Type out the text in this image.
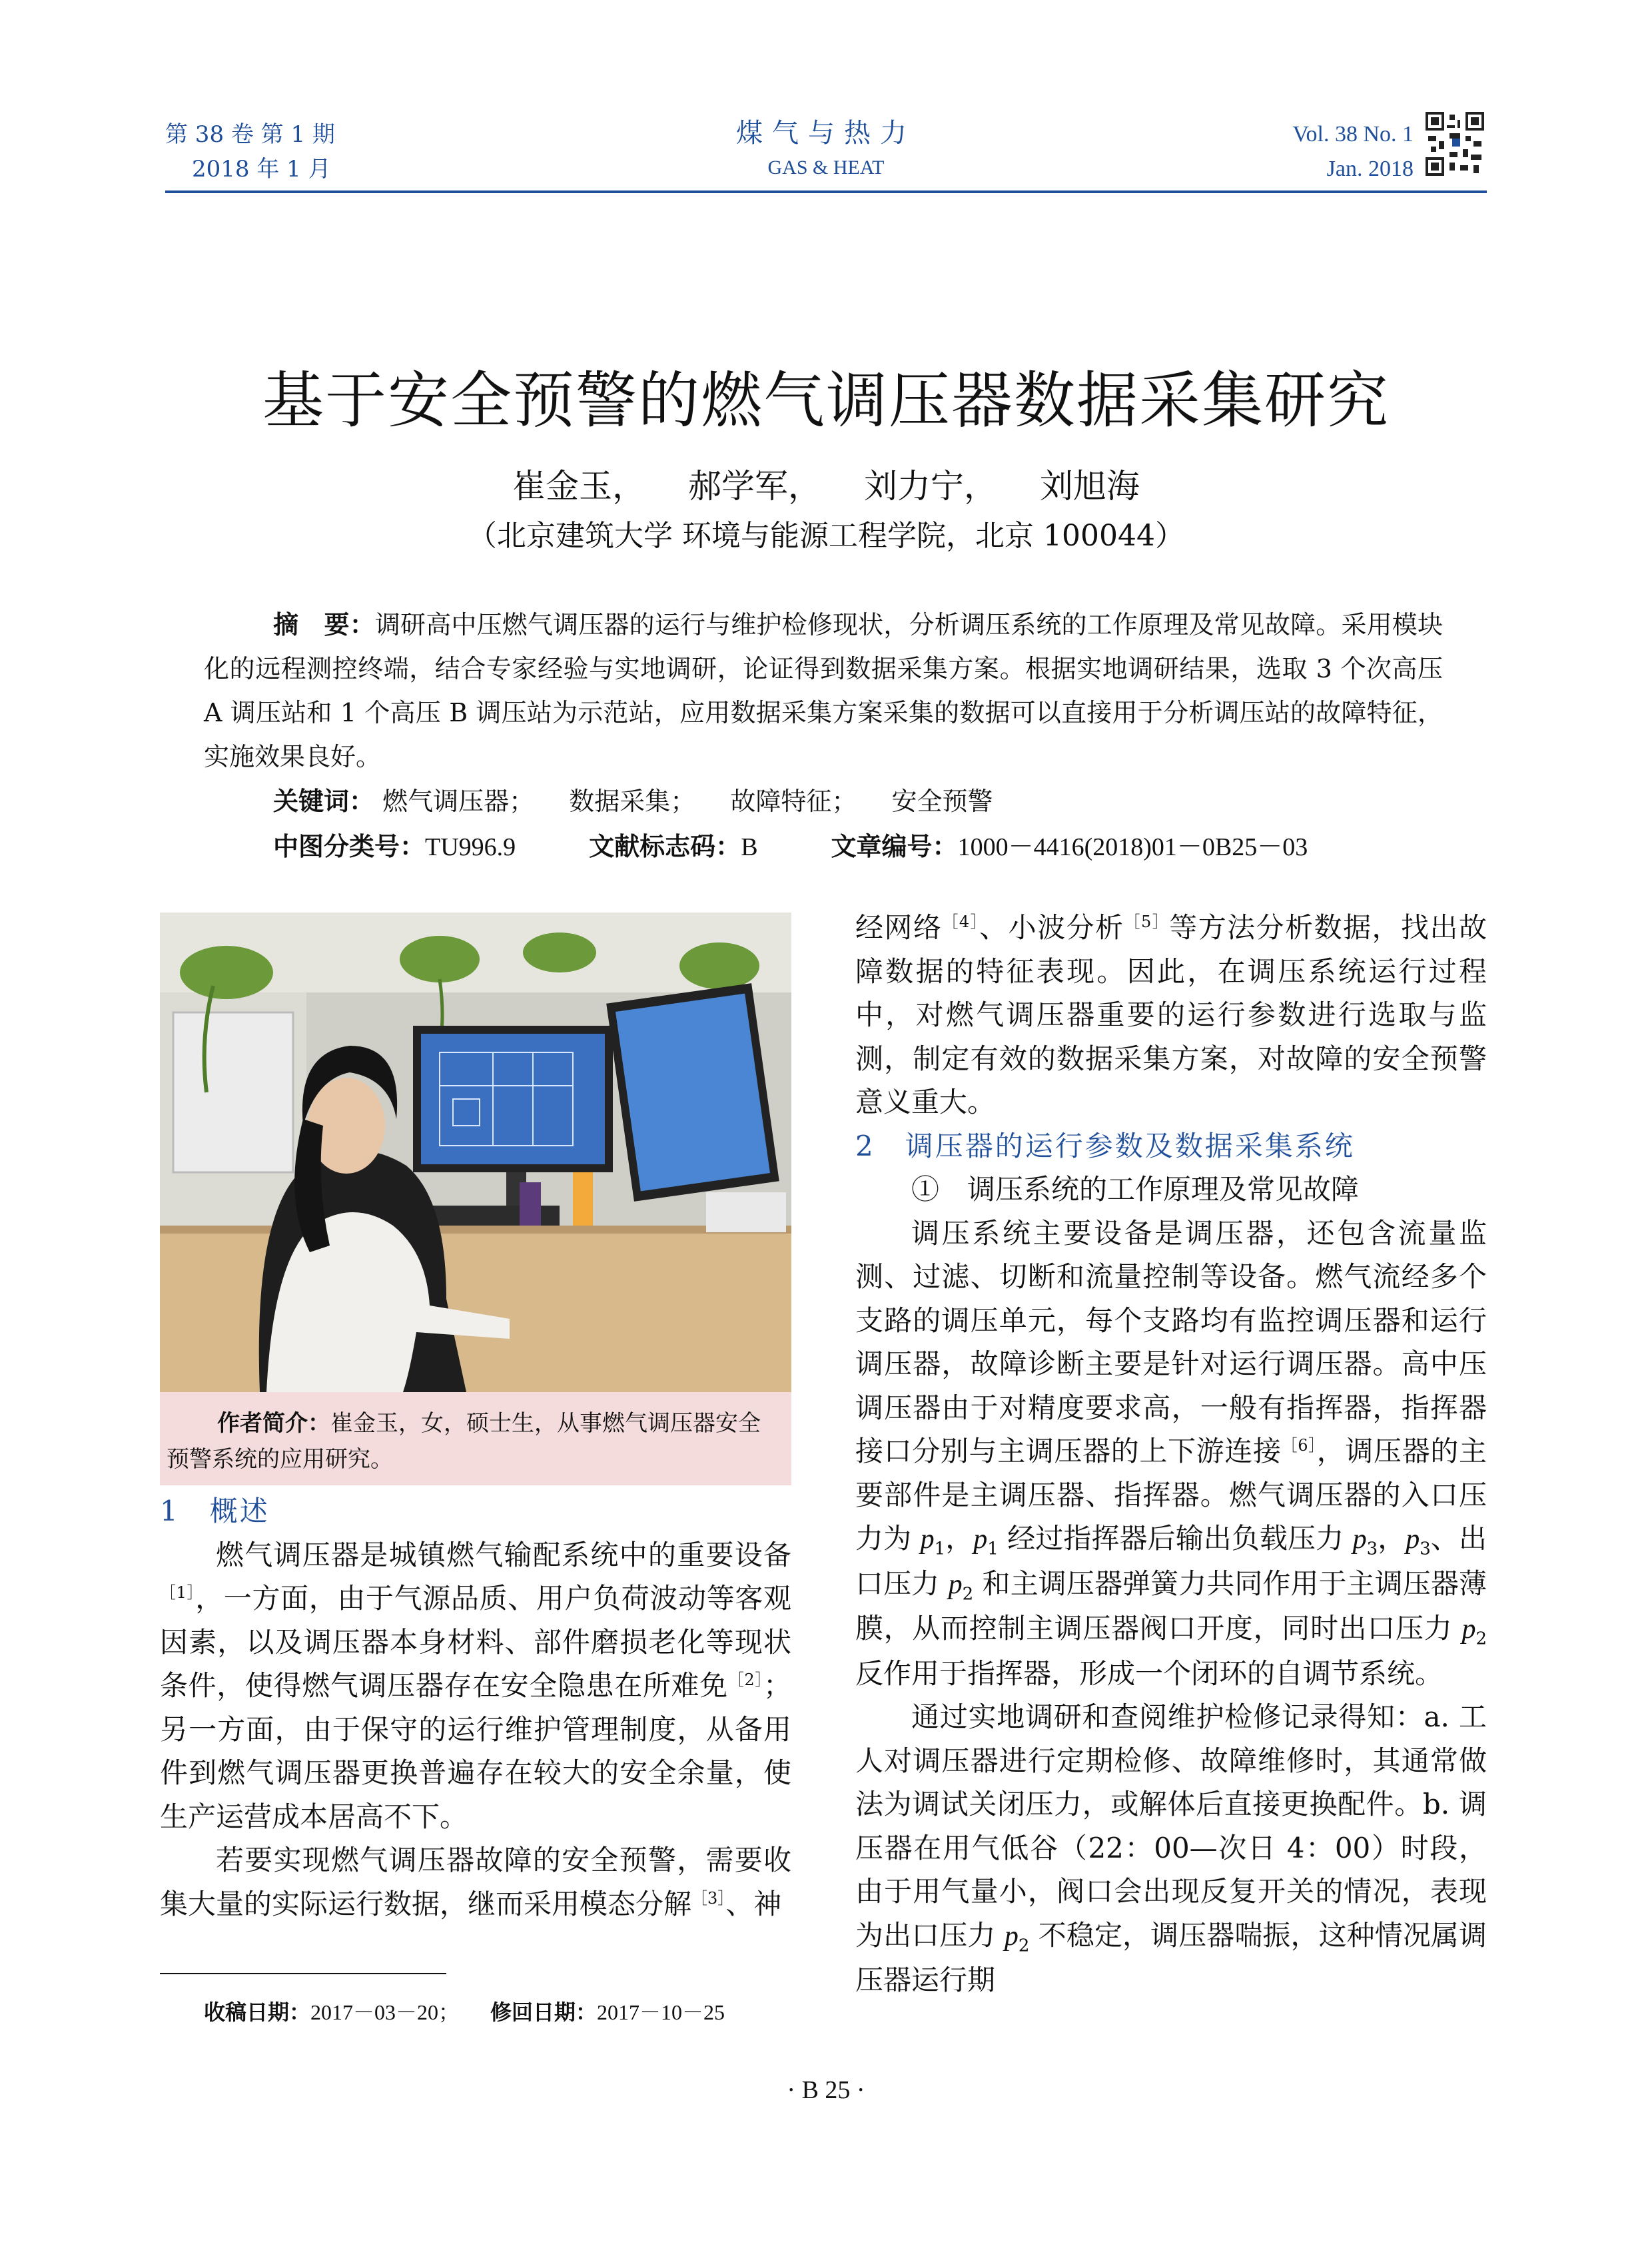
第 38 卷 第 1 期
2018 年 1 月
煤气与热力
GAS & HEAT
Vol. 38 No. 1
Jan. 2018
基于安全预警的燃气调压器数据采集研究
崔金玉， 郝学军， 刘力宁， 刘旭海
（北京建筑大学 环境与能源工程学院，北京 100044）
摘　要：调研高中压燃气调压器的运行与维护检修现状，分析调压系统的工作原理及常见故障。采用模块化的远程测控终端，结合专家经验与实地调研，论证得到数据采集方案。根据实地调研结果，选取 3 个次高压 A 调压站和 1 个高压 B 调压站为示范站，应用数据采集方案采集的数据可以直接用于分析调压站的故障特征，实施效果良好。
关键词： 燃气调压器； 数据采集； 故障特征； 安全预警
中图分类号：TU996.9	文献标志码：B	文章编号：1000－4416(2018)01－0B25－03
作者简介：崔金玉，女，硕士生，从事燃气调压器安全
预警系统的应用研究。
1　概述

燃气调压器是城镇燃气输配系统中的重要设备$^{[1]}$，一方面，由于气源品质、用户负荷波动等客观因素，以及调压器本身材料、部件磨损老化等现状条件，使得燃气调压器存在安全隐患在所难免$^{[2]}$；另一方面，由于保守的运行维护管理制度，从备用件到燃气调压器更换普遍存在较大的安全余量，使生产运营成本居高不下。

若要实现燃气调压器故障的安全预警，需要收集大量的实际运行数据，继而采用模态分解$^{[3]}$、神

经网络$^{[4]}$、小波分析$^{[5]}$等方法分析数据，找出故障数据的特征表现。因此，在调压系统运行过程中，对燃气调压器重要的运行参数进行选取与监测，制定有效的数据采集方案，对故障的安全预警意义重大。

2　调压器的运行参数及数据采集系统
①　调压系统的工作原理及常见故障

调压系统主要设备是调压器，还包含流量监测、过滤、切断和流量控制等设备。燃气流经多个支路的调压单元，每个支路均有监控调压器和运行调压器，故障诊断主要是针对运行调压器。高中压调压器由于对精度要求高，一般有指挥器，指挥器接口分别与主调压器的上下游连接$^{[6]}$，调压器的主要部件是主调压器、指挥器。燃气调压器的入口压力为 $p_1$，$p_1$ 经过指挥器后输出负载压力 $p_3$，$p_3$、出口压力 $p_2$ 和主调压器弹簧力共同作用于主调压器薄膜，从而控制主调压器阀口开度，同时出口压力 $p_2$ 反作用于指挥器，形成一个闭环的自调节系统。

通过实地调研和查阅维护检修记录得知：a. 工人对调压器进行定期检修、故障维修时，其通常做法为调试关闭压力，或解体后直接更换配件。b. 调压器在用气低谷（22：00—次日 4：00）时段，由于用气量小，阀口会出现反复开关的情况，表现为出口压力 $p_2$ 不稳定，调压器喘振，这种情况属调压器运行期

收稿日期：2017－03－20； 修回日期：2017－10－25
· B 25 ·
